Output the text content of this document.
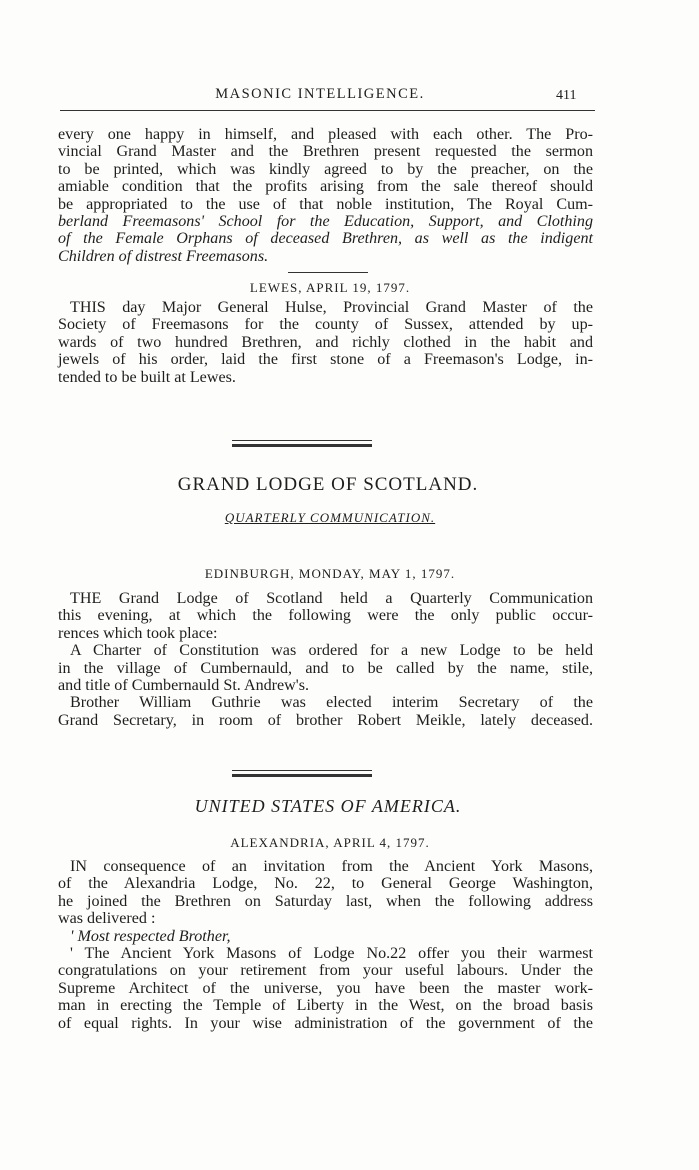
MASONIC INTELLIGENCE.	411
every one happy in himself, and pleased with each other. The Pro-
vincial Grand Master and the Brethren present requested the sermon
to be printed, which was kindly agreed to by the preacher, on the
amiable condition that the profits arising from the sale thereof should
be appropriated to the use of that noble institution, The Royal Cum-
berland Freemasons' School for the Education, Support, and Clothing
of the Female Orphans of deceased Brethren, as well as the indigent
Children of distrest Freemasons.
LEWES, APRIL 19, 1797.
THIS day Major General Hulse, Provincial Grand Master of the
Society of Freemasons for the county of Sussex, attended by up-
wards of two hundred Brethren, and richly clothed in the habit and
jewels of his order, laid the first stone of a Freemason's Lodge, in-
tended to be built at Lewes.
GRAND LODGE OF SCOTLAND.
QUARTERLY COMMUNICATION.
EDINBURGH, MONDAY, MAY 1, 1797.
THE Grand Lodge of Scotland held a Quarterly Communication
this evening, at which the following were the only public occur-
rences which took place:
A Charter of Constitution was ordered for a new Lodge to be held
in the village of Cumbernauld, and to be called by the name, stile,
and title of Cumbernauld St. Andrew's.
Brother William Guthrie was elected interim Secretary of the
Grand Secretary, in room of brother Robert Meikle, lately deceased.
UNITED STATES OF AMERICA.
ALEXANDRIA, APRIL 4, 1797.
IN consequence of an invitation from the Ancient York Masons,
of the Alexandria Lodge, No. 22, to General George Washington,
he joined the Brethren on Saturday last, when the following address
was delivered :
' Most respected Brother,
' The Ancient York Masons of Lodge No.22 offer you their warmest
congratulations on your retirement from your useful labours. Under the
Supreme Architect of the universe, you have been the master work-
man in erecting the Temple of Liberty in the West, on the broad basis
of equal rights. In your wise administration of the government of the
